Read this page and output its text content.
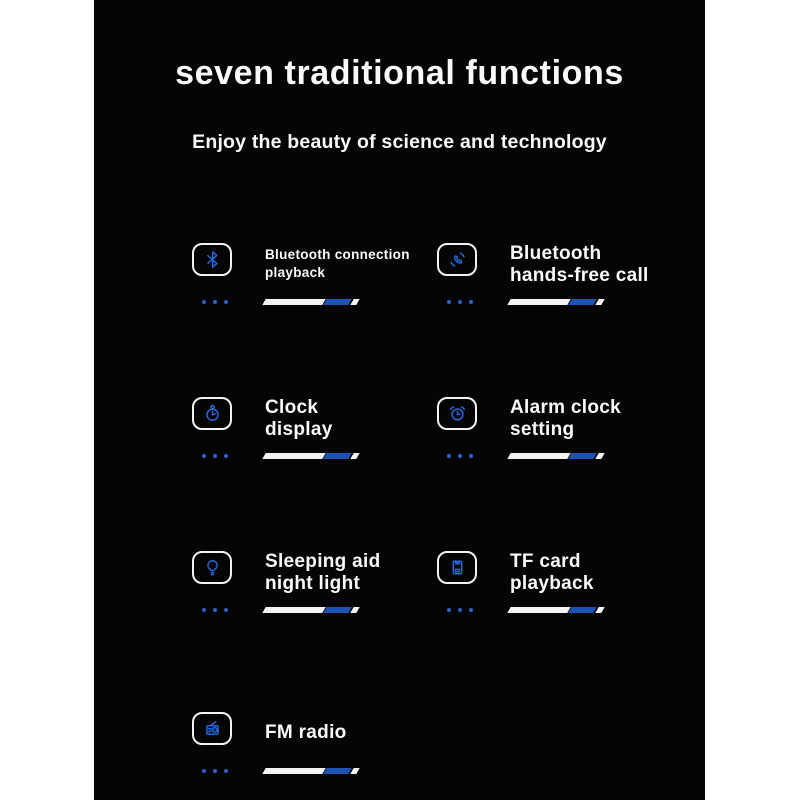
seven traditional functions
Enjoy the beauty of science and technology
Bluetooth connection
playback
Bluetooth
hands-free call
Clock
display
Alarm clock
setting
Sleeping aid
night light
TF card
playback
FM radio
